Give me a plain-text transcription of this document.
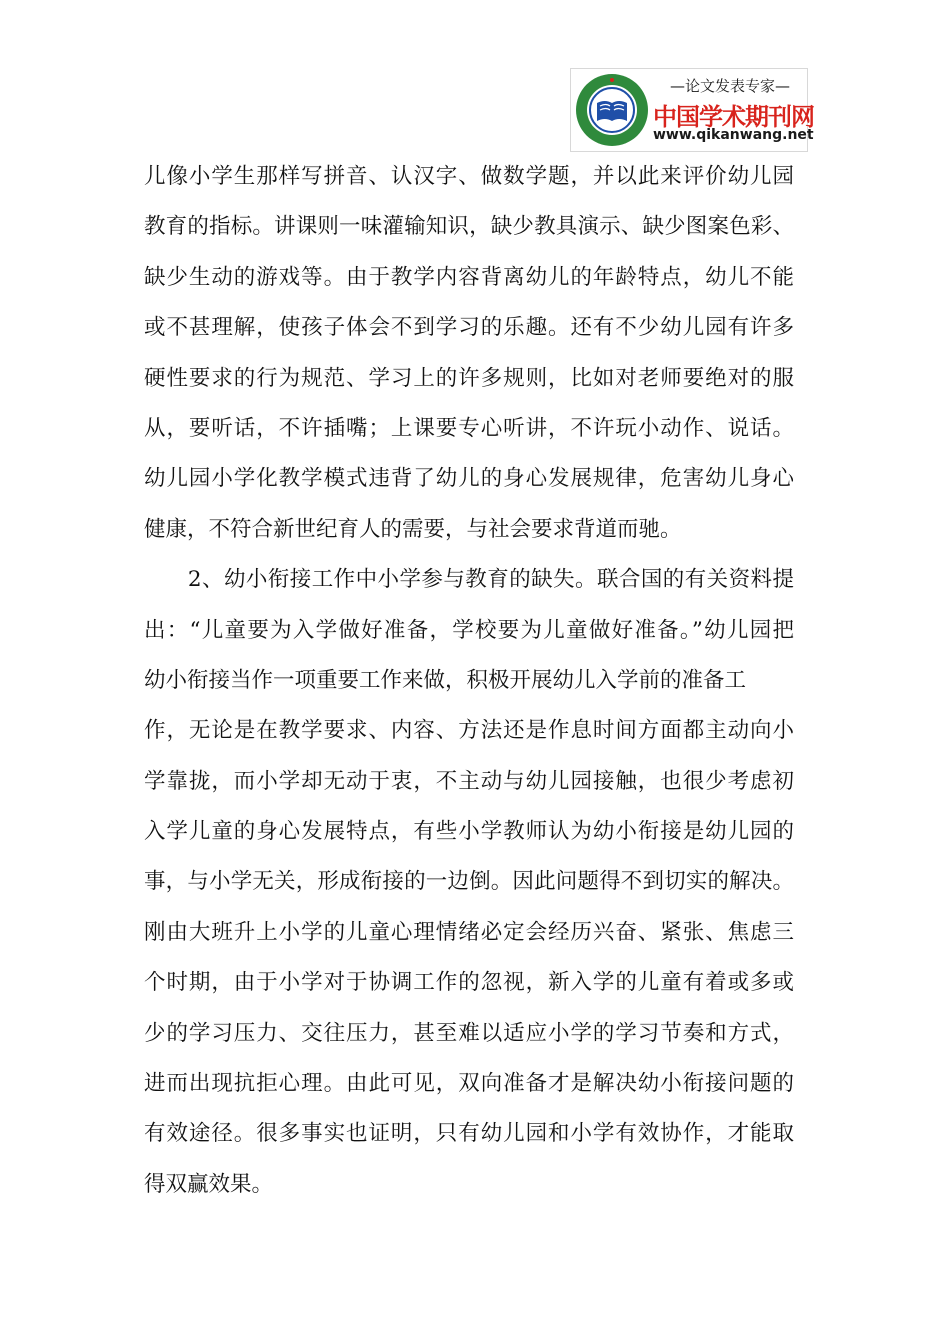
—论文发表专家—
中国学术期刊网
www.qikanwang.net
儿像小学生那样写拼音、认汉字、做数学题，并以此来评价幼儿园
教育的指标。讲课则一味灌输知识，缺少教具演示、缺少图案色彩、
缺少生动的游戏等。由于教学内容背离幼儿的年龄特点，幼儿不能
或不甚理解，使孩子体会不到学习的乐趣。还有不少幼儿园有许多
硬性要求的行为规范、学习上的许多规则，比如对老师要绝对的服
从，要听话，不许插嘴；上课要专心听讲，不许玩小动作、说话。
幼儿园小学化教学模式违背了幼儿的身心发展规律，危害幼儿身心
健康，不符合新世纪育人的需要，与社会要求背道而驰。
　　2、幼小衔接工作中小学参与教育的缺失。联合国的有关资料提
出：“儿童要为入学做好准备，学校要为儿童做好准备。”幼儿园把
幼小衔接当作一项重要工作来做，积极开展幼儿入学前的准备工
作，无论是在教学要求、内容、方法还是作息时间方面都主动向小
学靠拢，而小学却无动于衷，不主动与幼儿园接触，也很少考虑初
入学儿童的身心发展特点，有些小学教师认为幼小衔接是幼儿园的
事，与小学无关，形成衔接的一边倒。因此问题得不到切实的解决。
刚由大班升上小学的儿童心理情绪必定会经历兴奋、紧张、焦虑三
个时期，由于小学对于协调工作的忽视，新入学的儿童有着或多或
少的学习压力、交往压力，甚至难以适应小学的学习节奏和方式，
进而出现抗拒心理。由此可见，双向准备才是解决幼小衔接问题的
有效途径。很多事实也证明，只有幼儿园和小学有效协作，才能取
得双赢效果。
